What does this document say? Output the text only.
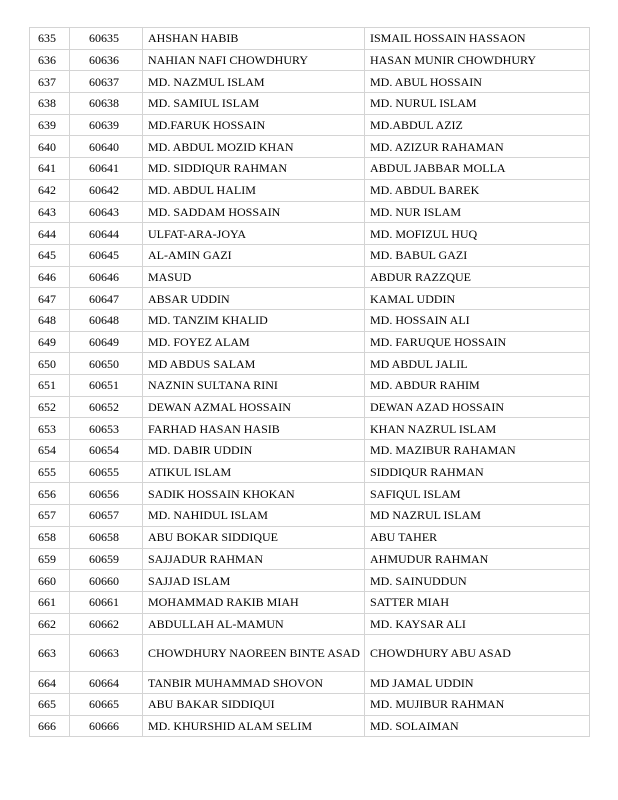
635	60635	AHSHAN HABIB	ISMAIL HOSSAIN HASSAON
636	60636	NAHIAN NAFI CHOWDHURY	HASAN MUNIR CHOWDHURY
637	60637	MD. NAZMUL ISLAM	MD. ABUL HOSSAIN
638	60638	MD. SAMIUL ISLAM	MD. NURUL ISLAM
639	60639	MD.FARUK HOSSAIN	MD.ABDUL AZIZ
640	60640	MD. ABDUL MOZID KHAN	MD. AZIZUR RAHAMAN
641	60641	MD. SIDDIQUR RAHMAN	ABDUL JABBAR MOLLA
642	60642	MD. ABDUL HALIM	MD. ABDUL BAREK
643	60643	MD. SADDAM HOSSAIN	MD. NUR ISLAM
644	60644	ULFAT-ARA-JOYA	MD. MOFIZUL HUQ
645	60645	AL-AMIN GAZI	MD. BABUL GAZI
646	60646	MASUD	ABDUR RAZZQUE
647	60647	ABSAR UDDIN	KAMAL UDDIN
648	60648	MD. TANZIM KHALID	MD. HOSSAIN ALI
649	60649	MD. FOYEZ ALAM	MD. FARUQUE HOSSAIN
650	60650	MD ABDUS SALAM	MD ABDUL JALIL
651	60651	NAZNIN SULTANA RINI	MD. ABDUR RAHIM
652	60652	DEWAN AZMAL HOSSAIN	DEWAN AZAD HOSSAIN
653	60653	FARHAD HASAN HASIB	KHAN NAZRUL ISLAM
654	60654	MD. DABIR UDDIN	MD. MAZIBUR RAHAMAN
655	60655	ATIKUL ISLAM	SIDDIQUR RAHMAN
656	60656	SADIK HOSSAIN KHOKAN	SAFIQUL ISLAM
657	60657	MD. NAHIDUL ISLAM	MD NAZRUL ISLAM
658	60658	ABU BOKAR SIDDIQUE	ABU TAHER
659	60659	SAJJADUR RAHMAN	AHMUDUR RAHMAN
660	60660	SAJJAD ISLAM	MD. SAINUDDUN
661	60661	MOHAMMAD RAKIB MIAH	SATTER MIAH
662	60662	ABDULLAH AL-MAMUN	MD. KAYSAR ALI
663	60663	CHOWDHURY NAOREEN BINTE ASAD	CHOWDHURY ABU ASAD
664	60664	TANBIR MUHAMMAD SHOVON	MD JAMAL UDDIN
665	60665	ABU BAKAR SIDDIQUI	MD. MUJIBUR RAHMAN
666	60666	MD. KHURSHID ALAM SELIM	MD. SOLAIMAN
